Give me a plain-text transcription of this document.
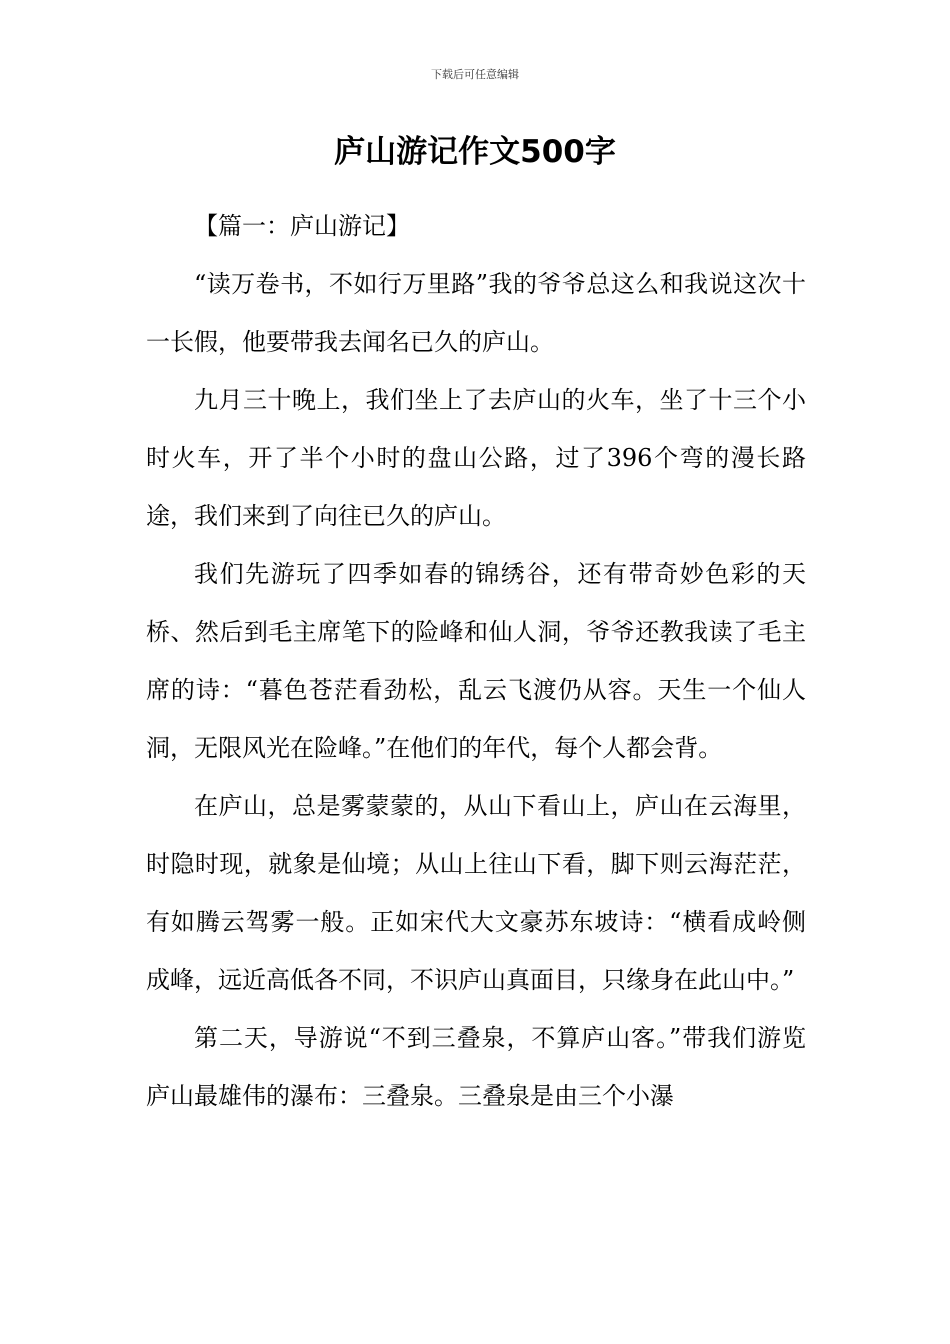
下载后可任意编辑
庐山游记作文500字

【篇一：庐山游记】

“读万卷书，不如行万里路”我的爷爷总这么和我说这次十一长假，他要带我去闻名已久的庐山。

九月三十晚上，我们坐上了去庐山的火车，坐了十三个小时火车，开了半个小时的盘山公路，过了396个弯的漫长路途，我们来到了向往已久的庐山。

我们先游玩了四季如春的锦绣谷，还有带奇妙色彩的天桥、然后到毛主席笔下的险峰和仙人洞，爷爷还教我读了毛主席的诗：“暮色苍茫看劲松，乱云飞渡仍从容。天生一个仙人洞，无限风光在险峰。”在他们的年代，每个人都会背。

在庐山，总是雾蒙蒙的，从山下看山上，庐山在云海里，时隐时现，就象是仙境；从山上往山下看，脚下则云海茫茫，有如腾云驾雾一般。正如宋代大文豪苏东坡诗：“横看成岭侧成峰，远近高低各不同，不识庐山真面目，只缘身在此山中。”

第二天，导游说“不到三叠泉，不算庐山客。”带我们游览庐山最雄伟的瀑布：三叠泉。三叠泉是由三个小瀑
